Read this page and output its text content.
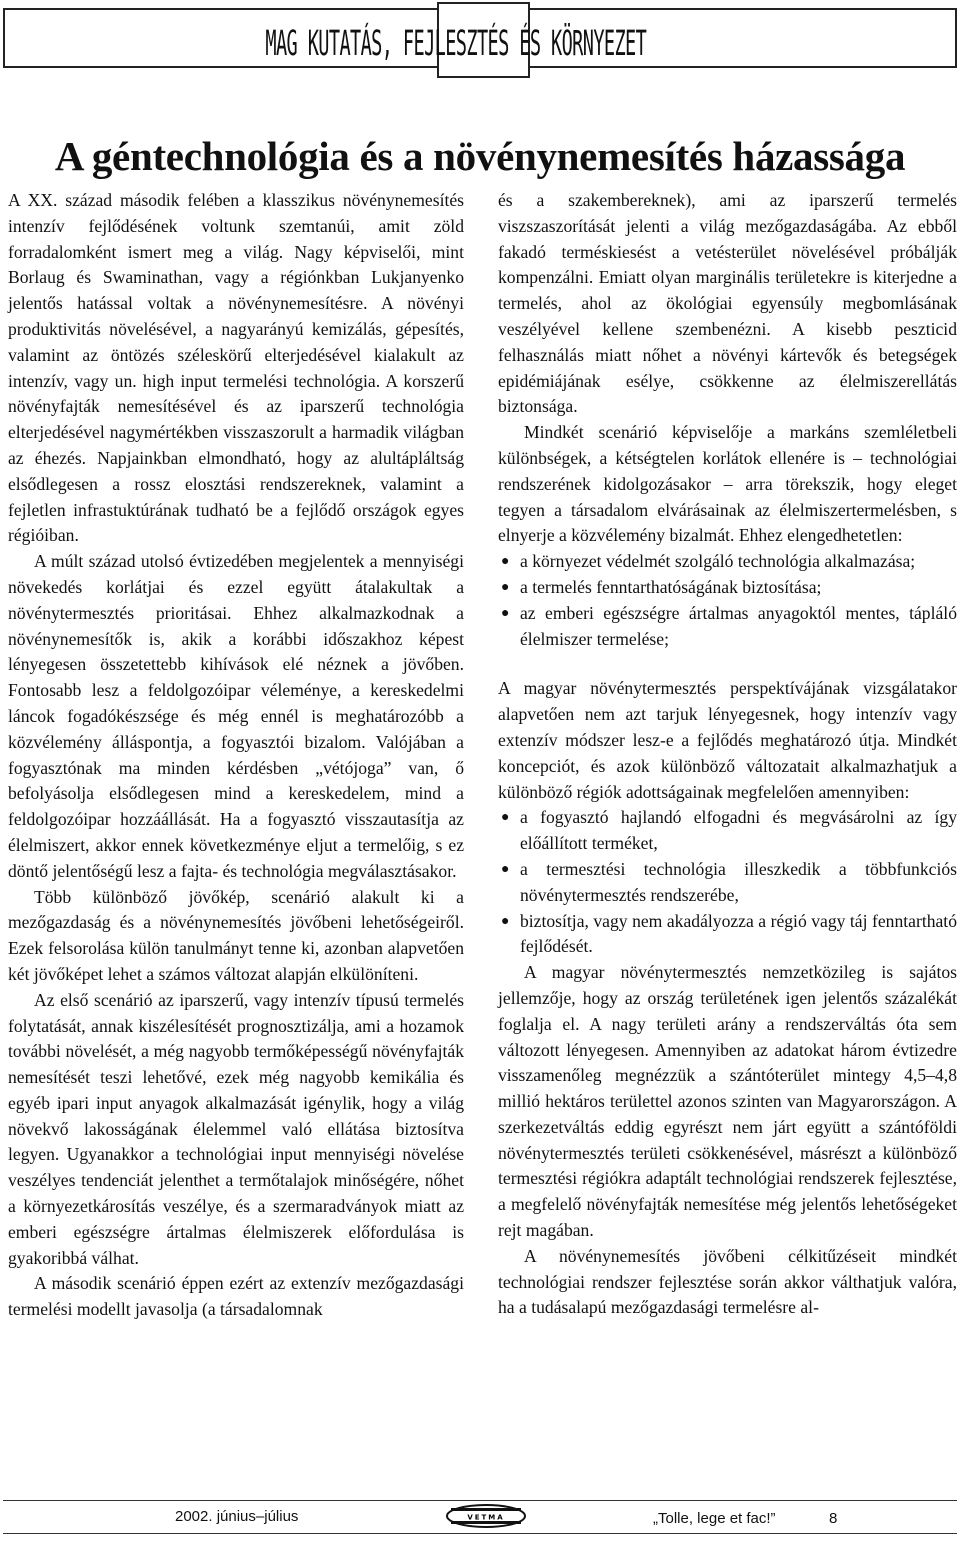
MAG KUTATÁS, FEJLESZTÉS ÉS KÖRNYEZET
A géntechnológia és a növénynemesítés házassága

A XX. század második felében a klasszikus növénynemesítés intenzív fejlődésének voltunk szemtanúi, amit zöld forradalomként ismert meg a világ. Nagy képviselői, mint Borlaug és Swaminathan, vagy a régiónkban Lukjanyenko jelentős hatással voltak a növénynemesítésre. A növényi produktivitás növelésével, a nagyarányú kemizálás, gépesítés, valamint az öntözés széleskörű elterjedésével kialakult az intenzív, vagy un. high input termelési technológia. A korszerű növényfajták nemesítésével és az iparszerű technológia elterjedésével nagymértékben visszaszorult a harmadik világban az éhezés. Napjainkban elmondható, hogy az alultápláltság elsődlegesen a rossz elosztási rendszereknek, valamint a fejletlen infrastuktúrának tudható be a fejlődő országok egyes régióiban.

A múlt század utolsó évtizedében megjelentek a mennyiségi növekedés korlátjai és ezzel együtt átalakultak a növénytermesztés prioritásai. Ehhez alkalmazkodnak a növénynemesítők is, akik a korábbi időszakhoz képest lényegesen összetettebb kihívások elé néznek a jövőben. Fontosabb lesz a feldolgozóipar véleménye, a kereskedelmi láncok fogadókészsége és még ennél is meghatározóbb a közvélemény álláspontja, a fogyasztói bizalom. Valójában a fogyasztónak ma minden kérdésben „vétójoga” van, ő befolyásolja elsődlegesen mind a kereskedelem, mind a feldolgozóipar hozzáállását. Ha a fogyasztó visszautasítja az élelmiszert, akkor ennek következménye eljut a termelőig, s ez döntő jelentőségű lesz a fajta- és technológia megválasztásakor.

Több különböző jövőkép, scenárió alakult ki a mezőgazdaság és a növénynemesítés jövőbeni lehetőségeiről. Ezek felsorolása külön tanulmányt tenne ki, azonban alapvetően két jövőképet lehet a számos változat alapján elkülöníteni.

Az első scenárió az iparszerű, vagy intenzív típusú termelés folytatását, annak kiszélesítését prognosztizálja, ami a hozamok további növelését, a még nagyobb termőképességű növényfajták nemesítését teszi lehetővé, ezek még nagyobb kemikália és egyéb ipari input anyagok alkalmazását igénylik, hogy a világ növekvő lakosságának élelemmel való ellátása biztosítva legyen. Ugyanakkor a technológiai input mennyiségi növelése veszélyes tendenciát jelenthet a termőtalajok minőségére, nőhet a környezetkárosítás veszélye, és a szermaradványok miatt az emberi egészségre ártalmas élelmiszerek előfordulása is gyakoribbá válhat.

A második scenárió éppen ezért az extenzív mezőgazdasági termelési modellt javasolja (a társadalomnak

és a szakembereknek), ami az iparszerű termelés viszszaszorítását jelenti a világ mezőgazdaságába. Az ebből fakadó terméskiesést a vetésterület növelésével próbálják kompenzálni. Emiatt olyan marginális területekre is kiterjedne a termelés, ahol az ökológiai egyensúly megbomlásának veszélyével kellene szembenézni. A kisebb peszticid felhasználás miatt nőhet a növényi kártevők és betegségek epidémiájának esélye, csökkenne az élelmiszerellátás biztonsága.

Mindkét scenárió képviselője a markáns szemléletbeli különbségek, a kétségtelen korlátok ellenére is – technológiai rendszerének kidolgozásakor – arra törekszik, hogy eleget tegyen a társadalom elvárásainak az élelmiszertermelésben, s elnyerje a közvélemény bizalmát. Ehhez elengedhetetlen:

● a környezet védelmét szolgáló technológia alkalmazása;
● a termelés fenntarthatóságának biztosítása;
● az emberi egészségre ártalmas anyagoktól mentes, tápláló élelmiszer termelése;

A magyar növénytermesztés perspektívájának vizsgálatakor alapvetően nem azt tarjuk lényegesnek, hogy intenzív vagy extenzív módszer lesz-e a fejlődés meghatározó útja. Mindkét koncepciót, és azok különböző változatait alkalmazhatjuk a különböző régiók adottságainak megfelelően amennyiben:

● a fogyasztó hajlandó elfogadni és megvásárolni az így előállított terméket,
● a termesztési technológia illeszkedik a többfunkciós növénytermesztés rendszerébe,
● biztosítja, vagy nem akadályozza a régió vagy táj fenntartható fejlődését.

A magyar növénytermesztés nemzetközileg is sajátos jellemzője, hogy az ország területének igen jelentős százalékát foglalja el. A nagy területi arány a rendszerváltás óta sem változott lényegesen. Amennyiben az adatokat három évtizedre visszamenőleg megnézzük a szántóterület mintegy 4,5–4,8 millió hektáros területtel azonos szinten van Magyarországon. A szerkezetváltás eddig egyrészt nem járt együtt a szántóföldi növénytermesztés területi csökkenésével, másrészt a különböző termesztési régiókra adaptált technológiai rendszerek fejlesztése, a megfelelő növényfajták nemesítése még jelentős lehetőségeket rejt magában.

A növénynemesítés jövőbeni célkitűzéseit mindkét technológiai rendszer fejlesztése során akkor válthatjuk valóra, ha a tudásalapú mezőgazdasági termelésre al-

2002. június–július	VETMA	„Tolle, lege et fac!”	8
